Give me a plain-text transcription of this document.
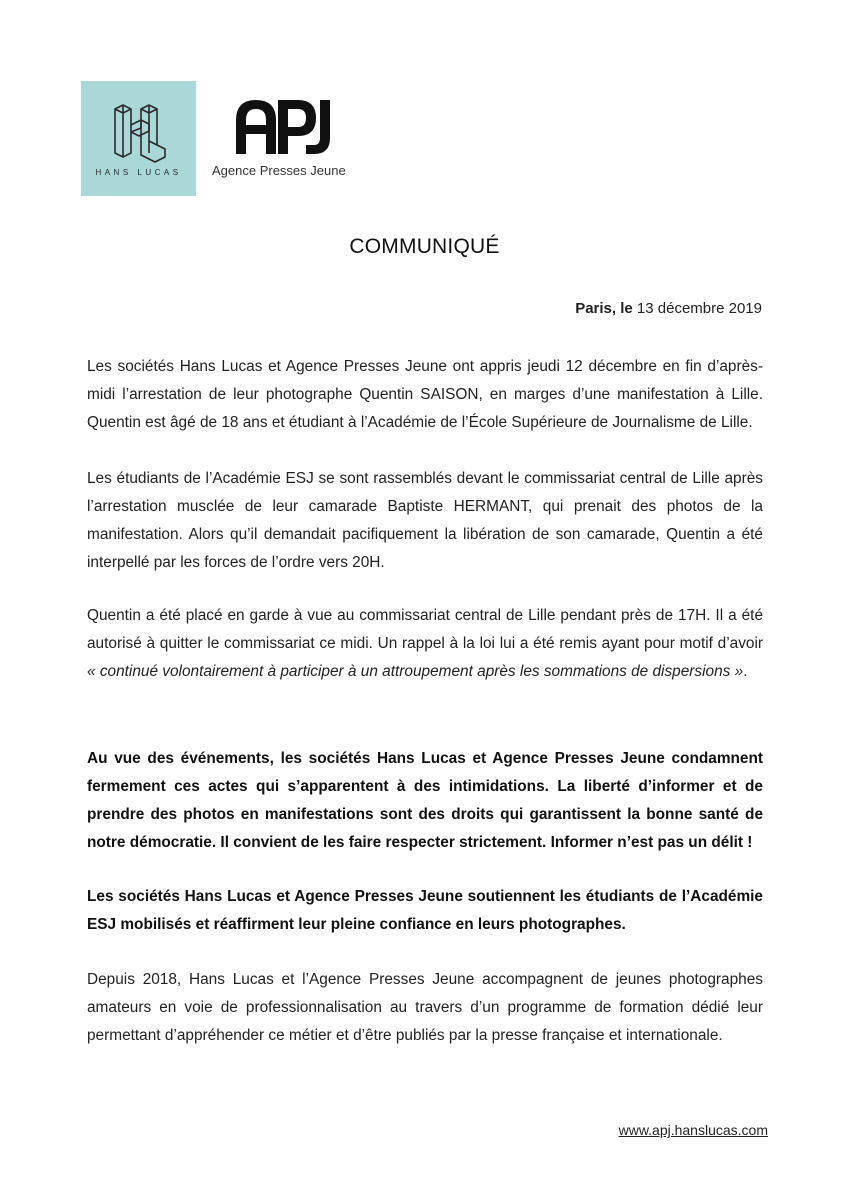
HANS LUCAS	Agence Presses Jeune
COMMUNIQUÉ
Paris, le 13 décembre 2019

Les sociétés Hans Lucas et Agence Presses Jeune ont appris jeudi 12 décembre en fin d’après-midi l’arrestation de leur photographe Quentin SAISON, en marges d’une manifestation à Lille. Quentin est âgé de 18 ans et étudiant à l’Académie de l’École Supérieure de Journalisme de Lille.

Les étudiants de l’Académie ESJ se sont rassemblés devant le commissariat central de Lille après l’arrestation musclée de leur camarade Baptiste HERMANT, qui prenait des photos de la manifestation. Alors qu’il demandait pacifiquement la libération de son camarade, Quentin a été interpellé par les forces de l’ordre vers 20H.

Quentin a été placé en garde à vue au commissariat central de Lille pendant près de 17H. Il a été autorisé à quitter le commissariat ce midi. Un rappel à la loi lui a été remis ayant pour motif d’avoir « continué volontairement à participer à un attroupement après les sommations de dispersions ».

Au vue des événements, les sociétés Hans Lucas et Agence Presses Jeune condamnent fermement ces actes qui s’apparentent à des intimidations. La liberté d’informer et de prendre des photos en manifestations sont des droits qui garantissent la bonne santé de notre démocratie. Il convient de les faire respecter strictement. Informer n’est pas un délit !

Les sociétés Hans Lucas et Agence Presses Jeune soutiennent les étudiants de l’Académie ESJ mobilisés et réaffirment leur pleine confiance en leurs photographes.

Depuis 2018, Hans Lucas et l’Agence Presses Jeune accompagnent de jeunes photographes amateurs en voie de professionnalisation au travers d’un programme de formation dédié leur permettant d’appréhender ce métier et d’être publiés par la presse française et internationale.

www.apj.hanslucas.com
